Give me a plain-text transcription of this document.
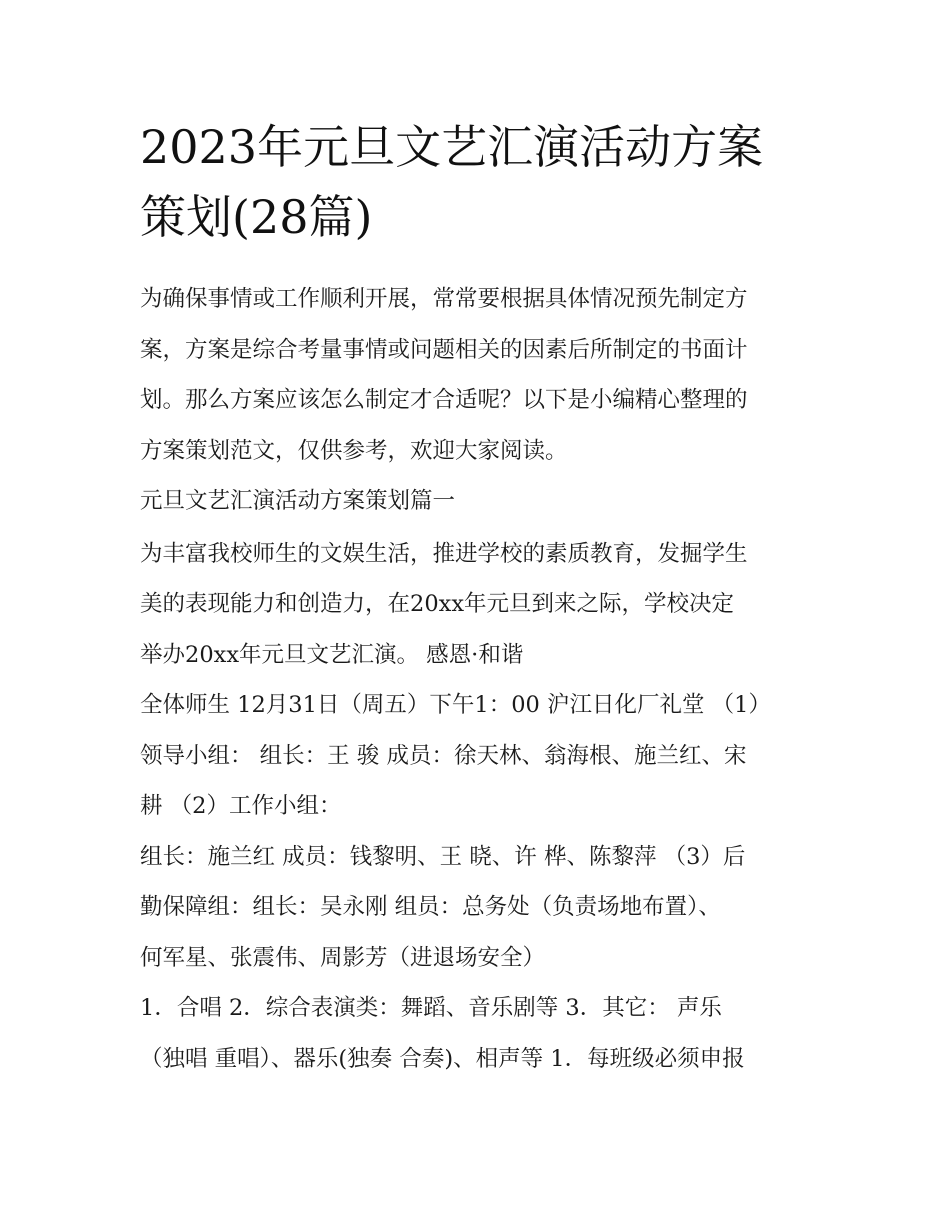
2023年元旦文艺汇演活动方案
策划(28篇)
为确保事情或工作顺利开展，常常要根据具体情况预先制定方
案，方案是综合考量事情或问题相关的因素后所制定的书面计
划。那么方案应该怎么制定才合适呢？以下是小编精心整理的
方案策划范文，仅供参考，欢迎大家阅读。
元旦文艺汇演活动方案策划篇一
为丰富我校师生的文娱生活，推进学校的素质教育，发掘学生
美的表现能力和创造力，在20xx年元旦到来之际，学校决定
举办20xx年元旦文艺汇演。 感恩·和谐
全体师生 12月31日（周五）下午1：00 沪江日化厂礼堂 （1）
领导小组： 组长：王 骏 成员：徐天林、翁海根、施兰红、宋
耕 （2）工作小组：
组长：施兰红 成员：钱黎明、王 晓、许 桦、陈黎萍 （3）后
勤保障组：组长：吴永刚 组员：总务处（负责场地布置）、
何军星、张震伟、周影芳（进退场安全）
1．合唱 2．综合表演类：舞蹈、音乐剧等 3．其它： 声乐
（独唱 重唱）、器乐(独奏 合奏)、相声等 1．每班级必须申报
